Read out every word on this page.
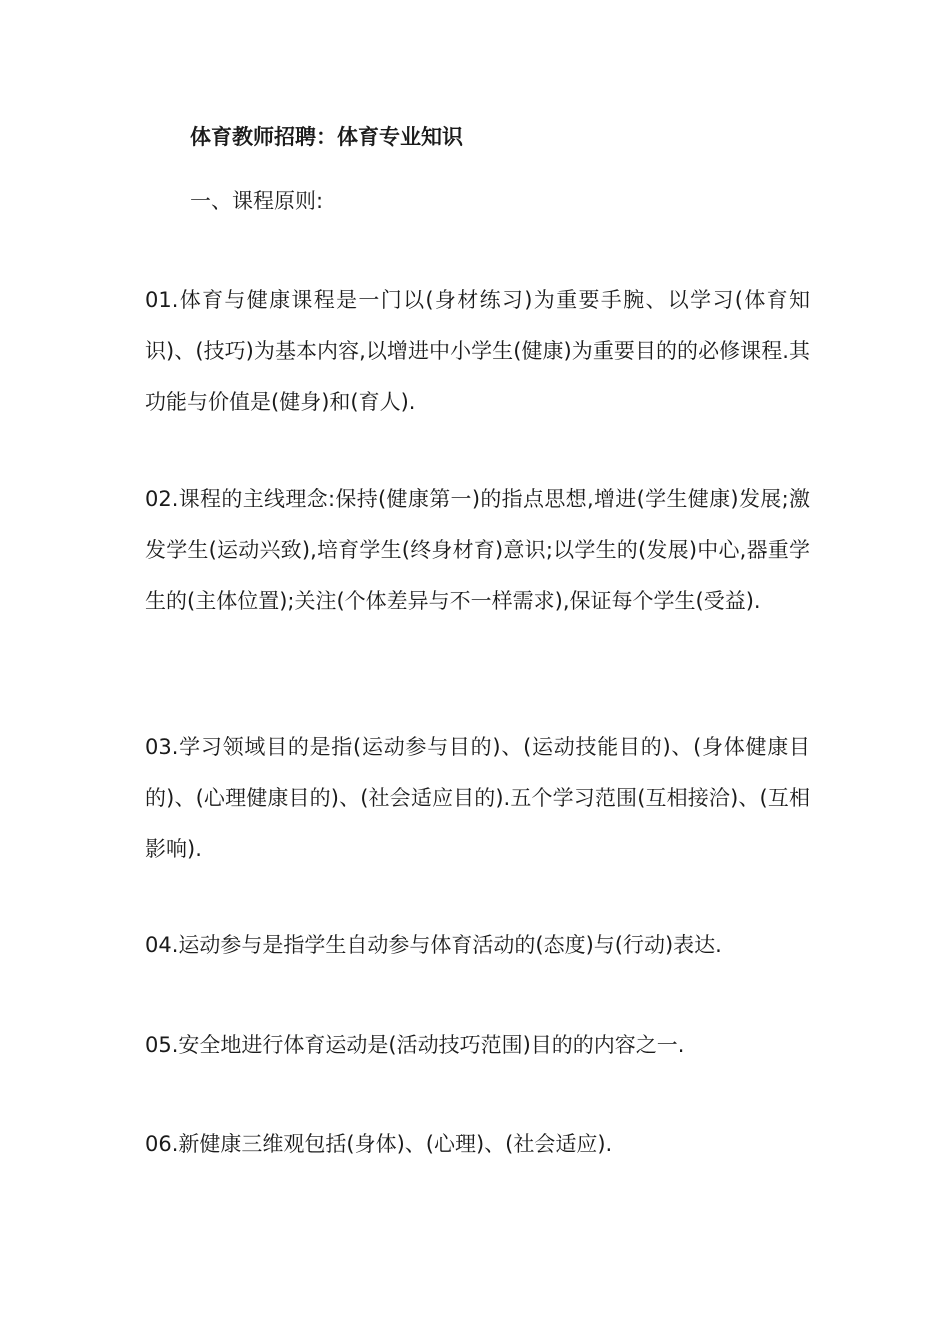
体育教师招聘：体育专业知识
一、课程原则:

01.体育与健康课程是一门以(身材练习)为重要手腕、以学习(体育知识)、(技巧)为基本内容,以增进中小学生(健康)为重要目的的必修课程.其功能与价值是(健身)和(育人).

02.课程的主线理念:保持(健康第一)的指点思想,增进(学生健康)发展;激发学生(运动兴致),培育学生(终身材育)意识;以学生的(发展)中心,器重学生的(主体位置);关注(个体差异与不一样需求),保证每个学生(受益).

03.学习领域目的是指(运动参与目的)、(运动技能目的)、(身体健康目的)、(心理健康目的)、(社会适应目的).五个学习范围(互相接洽)、(互相影响).

04.运动参与是指学生自动参与体育活动的(态度)与(行动)表达.

05.安全地进行体育运动是(活动技巧范围)目的的内容之一.

06.新健康三维观包括(身体)、(心理)、(社会适应).
